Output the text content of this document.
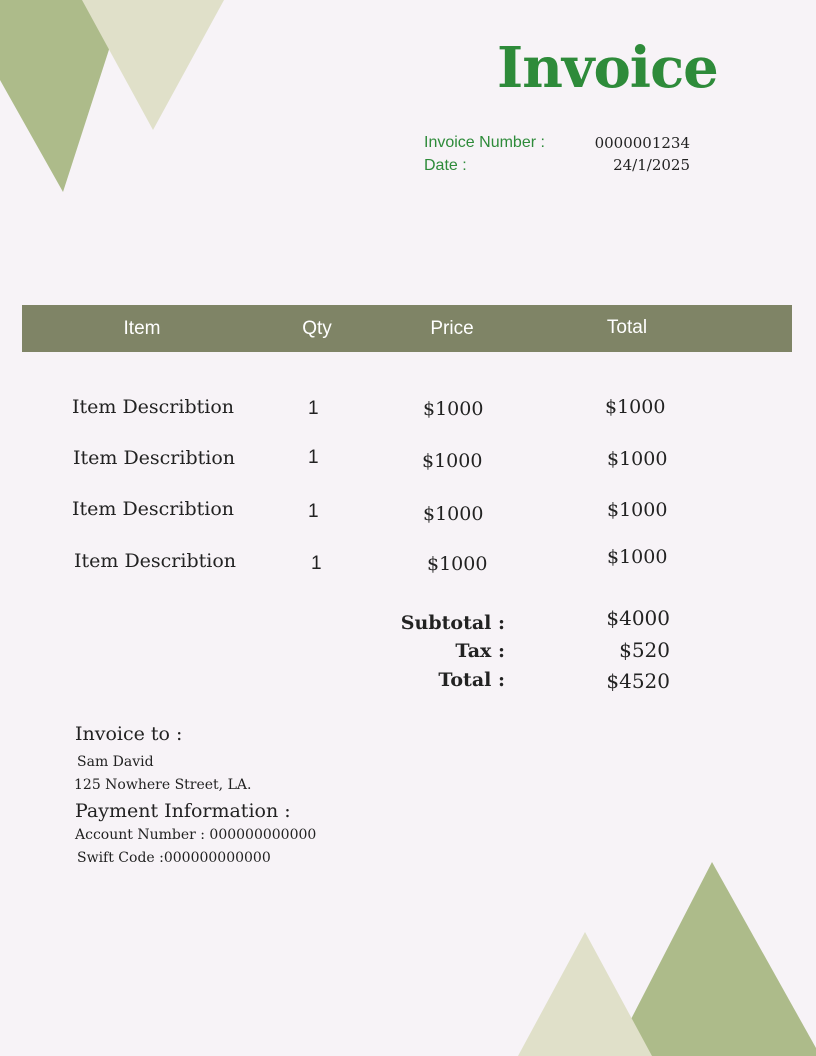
Invoice
Invoice Number :	0000001234
Date :	24/1/2025
Item	Qty	Price	Total
Item Describtion	1	$1000	$1000
Item Describtion	1	$1000	$1000
Item Describtion	1	$1000	$1000
Item Describtion	1	$1000	$1000
Subtotal :	$4000
Tax :	$520
Total :	$4520
Invoice to :
Sam David
125 Nowhere Street, LA.
Payment Information :
Account Number : 000000000000
Swift Code :000000000000
